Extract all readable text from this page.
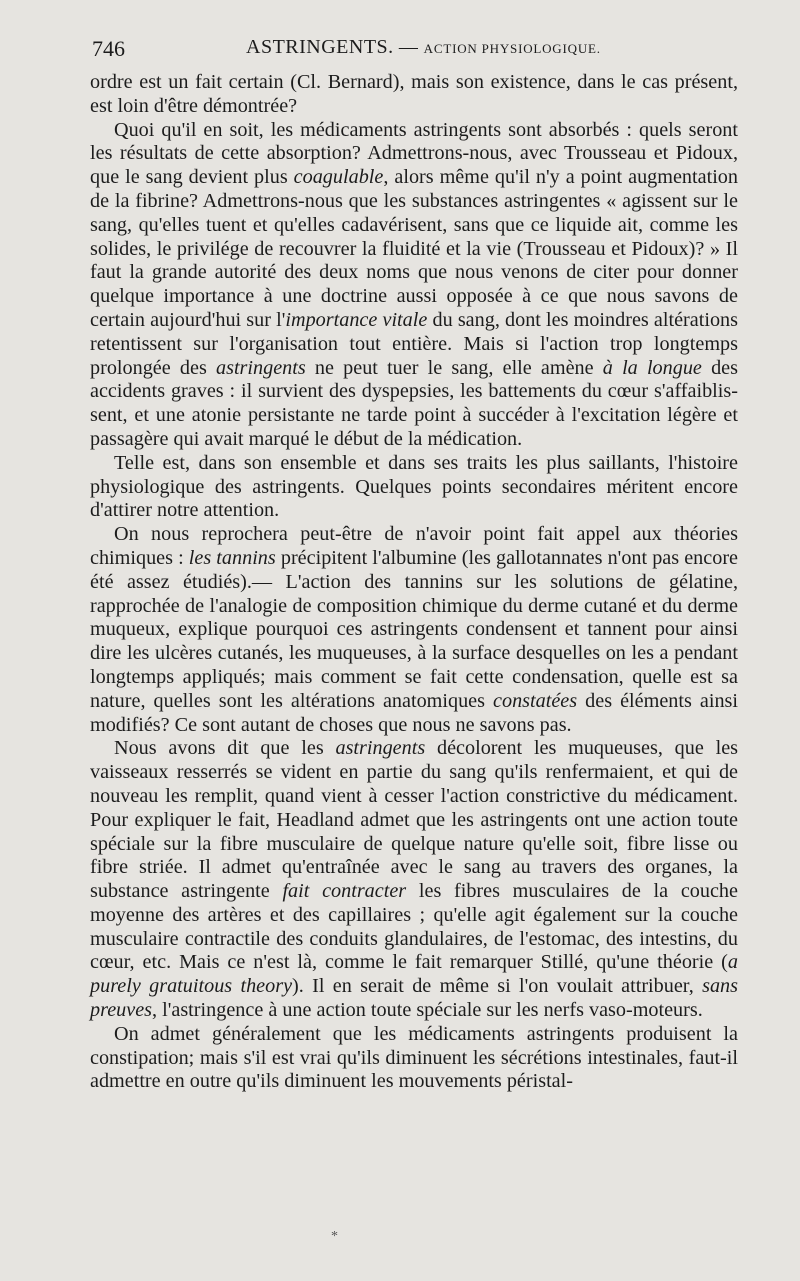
746	ASTRINGENTS. — ACTION PHYSIOLOGIQUE.

ordre est un fait certain (Cl. Bernard), mais son existence, dans le cas présent, est loin d'être démontrée?

Quoi qu'il en soit, les médicaments astringents sont absorbés : quels seront les résultats de cette absorption? Admettrons-nous, avec Trousseau et Pidoux, que le sang devient plus coagulable, alors même qu'il n'y a point augmentation de la fibrine? Admettrons-nous que les substances astringentes « agissent sur le sang, qu'elles tuent et qu'elles cadavérisent, sans que ce liquide ait, comme les solides, le privilége de recouvrer la fluidité et la vie (Trousseau et Pidoux)? » Il faut la grande autorité des deux noms que nous venons de citer pour donner quelque importance à une doctrine aussi opposée à ce que nous savons de certain aujourd'hui sur l'importance vitale du sang, dont les moindres altérations retentissent sur l'organisation tout entière. Mais si l'action trop longtemps prolongée des astringents ne peut tuer le sang, elle amène à la longue des accidents graves : il survient des dyspepsies, les battements du cœur s'affaiblissent, et une atonie persistante ne tarde point à succéder à l'excitation légère et passagère qui avait marqué le début de la médication.

Telle est, dans son ensemble et dans ses traits les plus saillants, l'histoire physiologique des astringents. Quelques points secondaires méritent encore d'attirer notre attention.

On nous reprochera peut-être de n'avoir point fait appel aux théories chimiques : les tannins précipitent l'albumine (les gallotannates n'ont pas encore été assez étudiés).— L'action des tannins sur les solutions de gélatine, rapprochée de l'analogie de composition chimique du derme cutané et du derme muqueux, explique pourquoi ces astringents condensent et tannent pour ainsi dire les ulcères cutanés, les muqueuses, à la surface desquelles on les a pendant longtemps appliqués; mais comment se fait cette condensation, quelle est sa nature, quelles sont les altérations anatomiques constatées des éléments ainsi modifiés? Ce sont autant de choses que nous ne savons pas.

Nous avons dit que les astringents décolorent les muqueuses, que les vaisseaux resserrés se vident en partie du sang qu'ils renfermaient, et qui de nouveau les remplit, quand vient à cesser l'action constrictive du médicament. Pour expliquer le fait, Headland admet que les astringents ont une action toute spéciale sur la fibre musculaire de quelque nature qu'elle soit, fibre lisse ou fibre striée. Il admet qu'entraînée avec le sang au travers des organes, la substance astringente fait contracter les fibres musculaires de la couche moyenne des artères et des capillaires ; qu'elle agit également sur la couche musculaire contractile des conduits glandulaires, de l'estomac, des intestins, du cœur, etc. Mais ce n'est là, comme le fait remarquer Stillé, qu'une théorie (a purely gratuitous theory). Il en serait de même si l'on voulait attribuer, sans preuves, l'astringence à une action toute spéciale sur les nerfs vaso-moteurs.

On admet généralement que les médicaments astringents produisent la constipation; mais s'il est vrai qu'ils diminuent les sécrétions intestinales, faut-il admettre en outre qu'ils diminuent les mouvements péristal-

*
